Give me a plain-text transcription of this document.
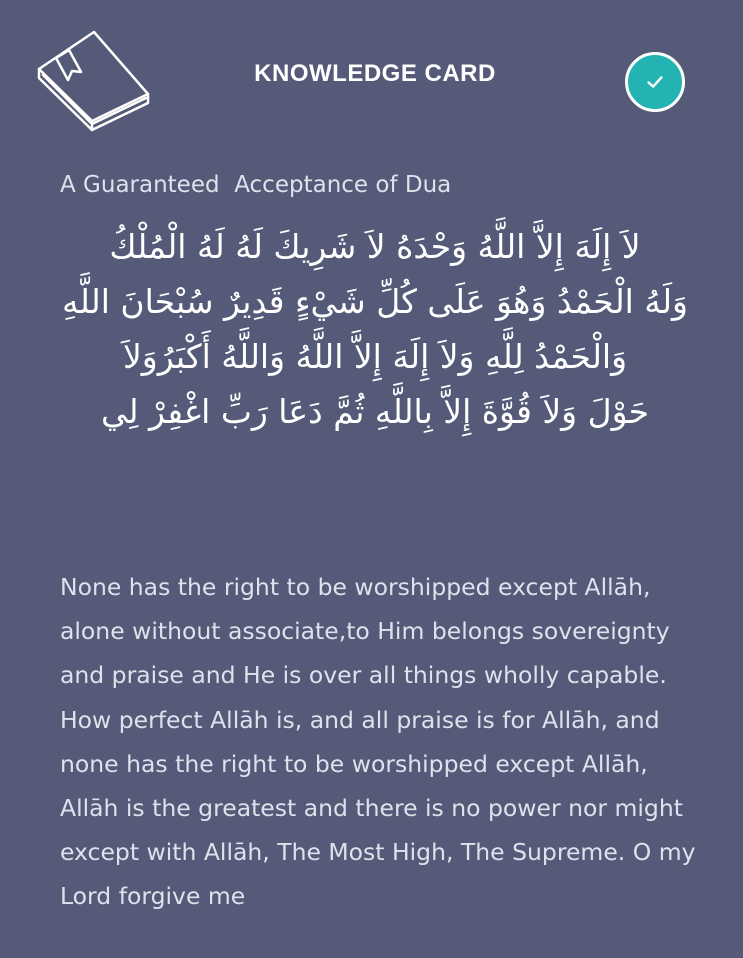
KNOWLEDGE CARD
A Guaranteed  Acceptance of Dua
لاَ إِلَهَ إِلاَّ اللَّهُ وَحْدَهُ لاَ شَرِيكَ لَهُ لَهُ الْمُلْكُ
وَلَهُ الْحَمْدُ وَهُوَ عَلَى كُلِّ شَيْءٍ قَدِيرٌ سُبْحَانَ اللَّهِ
وَالْحَمْدُ لِلَّهِ وَلاَ إِلَهَ إِلاَّ اللَّهُ وَاللَّهُ أَكْبَرُوَلاَ
حَوْلَ وَلاَ قُوَّةَ إِلاَّ بِاللَّهِ ثُمَّ دَعَا رَبِّ اغْفِرْ لِي
None has the right to be worshipped except Allāh, alone without associate,to Him belongs sovereignty and praise and He is over all things wholly capable. How perfect Allāh is, and all praise is for Allāh, and none has the right to be worshipped except Allāh, Allāh is the greatest and there is no power nor might except with Allāh, The Most High, The Supreme. O my Lord forgive me
